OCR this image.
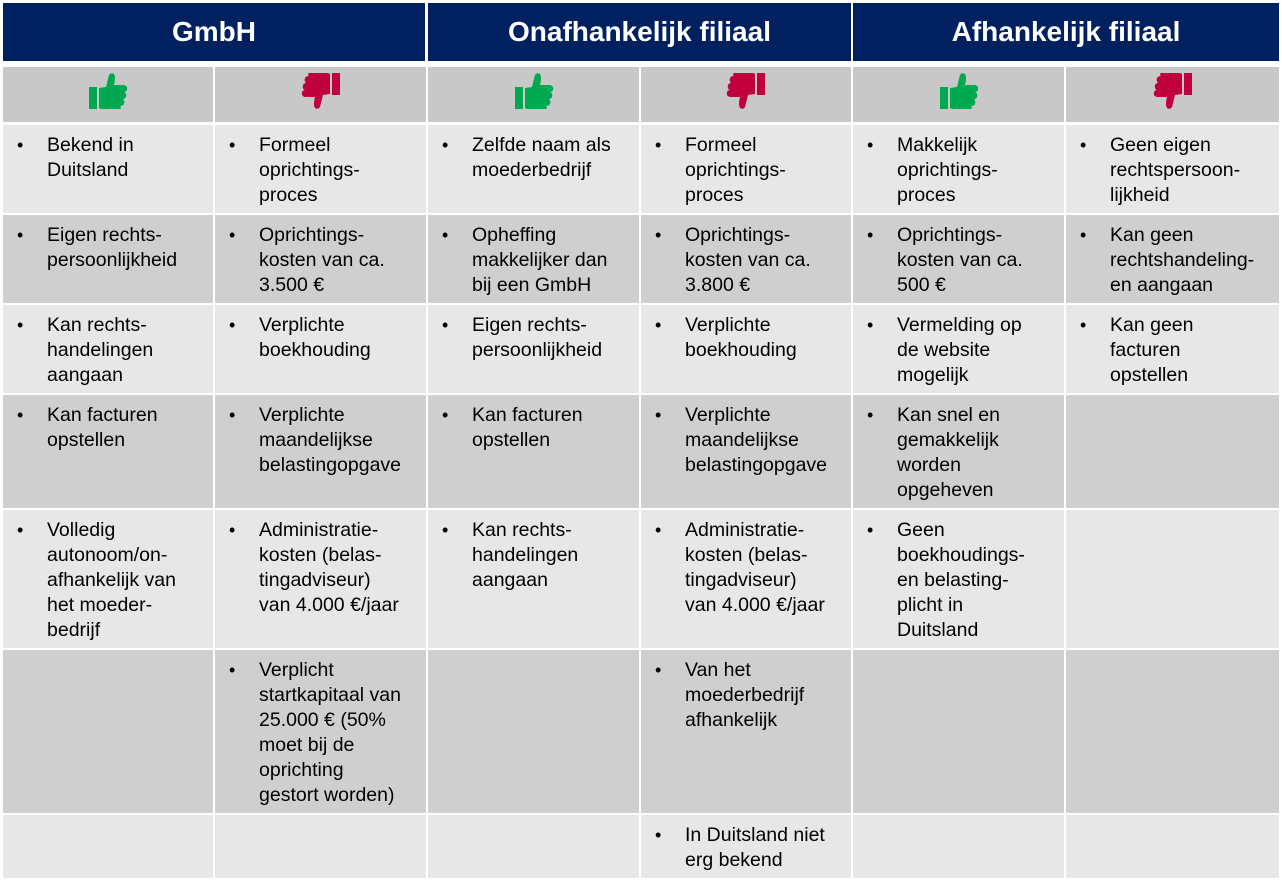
GmbH	Onafhankelijk filiaal	Afhankelijk filiaal
• Bekend in
Duitsland
• Formeel
oprichtings-
proces
• Zelfde naam als
moederbedrijf
• Formeel
oprichtings-
proces
• Makkelijk
oprichtings-
proces
• Geen eigen
rechtspersoon-
lijkheid
• Eigen rechts-
persoonlijkheid
• Oprichtings-
kosten van ca.
3.500 €
• Opheffing
makkelijker dan
bij een GmbH
• Oprichtings-
kosten van ca.
3.800 €
• Oprichtings-
kosten van ca.
500 €
• Kan geen
rechtshandeling-
en aangaan
• Kan rechts-
handelingen
aangaan
• Verplichte
boekhouding
• Eigen rechts-
persoonlijkheid
• Verplichte
boekhouding
• Vermelding op
de website
mogelijk
• Kan geen
facturen
opstellen
• Kan facturen
opstellen
• Verplichte
maandelijkse
belastingopgave
• Kan facturen
opstellen
• Verplichte
maandelijkse
belastingopgave
• Kan snel en
gemakkelijk
worden
opgeheven
• Volledig
autonoom/on-
afhankelijk van
het moeder-
bedrijf
• Administratie-
kosten (belas-
tingadviseur)
van 4.000 €/jaar
• Kan rechts-
handelingen
aangaan
• Administratie-
kosten (belas-
tingadviseur)
van 4.000 €/jaar
• Geen
boekhoudings-
en belasting-
plicht in
Duitsland
• Verplicht
startkapitaal van
25.000 € (50%
moet bij de
oprichting
gestort worden)
• Van het
moederbedrijf
afhankelijk
• In Duitsland niet
erg bekend
